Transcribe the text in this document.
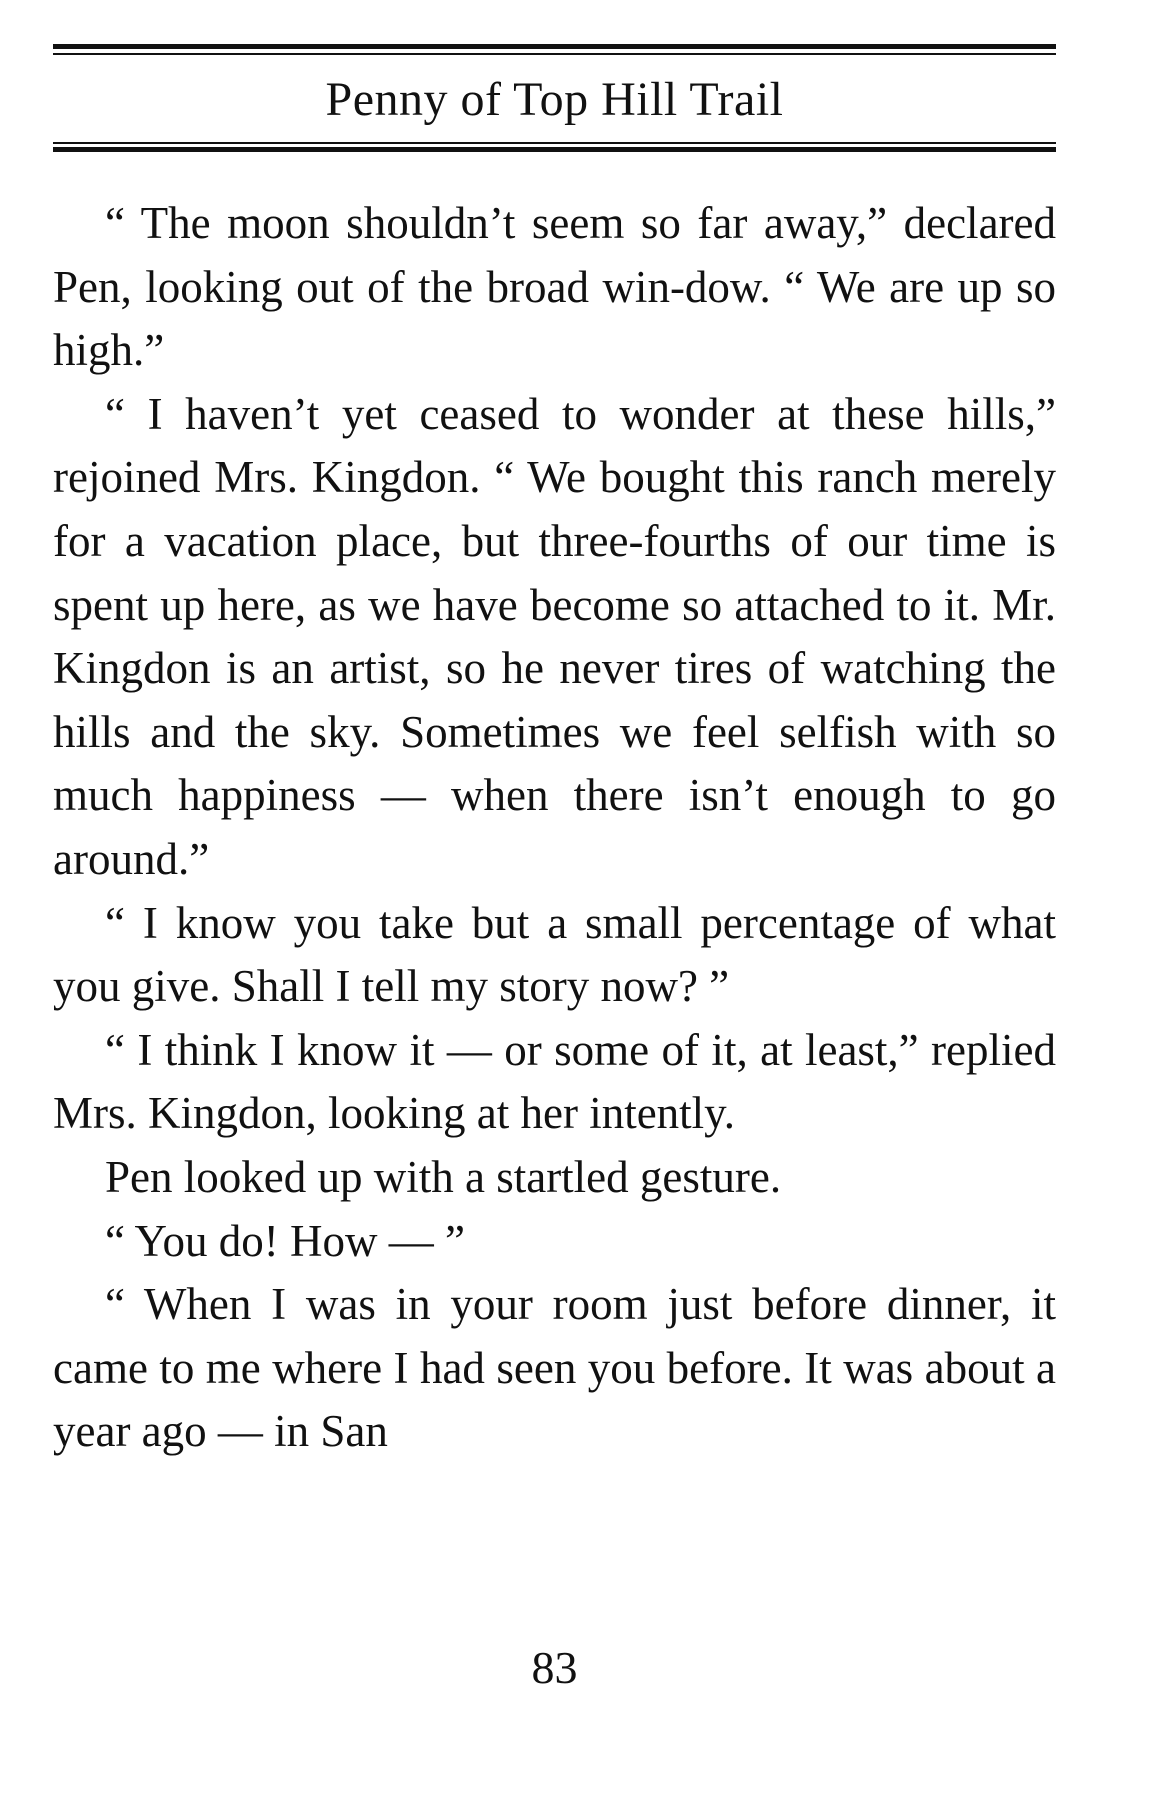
Penny of Top Hill Trail

“ The moon shouldn’t seem so far away,” declared Pen, looking out of the broad win-dow. “ We are up so high.”

“ I haven’t yet ceased to wonder at these hills,” rejoined Mrs. Kingdon. “ We bought this ranch merely for a vacation place, but three-fourths of our time is spent up here, as we have become so attached to it. Mr. Kingdon is an artist, so he never tires of watching the hills and the sky. Sometimes we feel selfish with so much happiness — when there isn’t enough to go around.”

“ I know you take but a small percentage of what you give. Shall I tell my story now? ”

“ I think I know it — or some of it, at least,” replied Mrs. Kingdon, looking at her intently.

Pen looked up with a startled gesture.

“ You do! How — ”

“ When I was in your room just before dinner, it came to me where I had seen you before. It was about a year ago — in San

83
